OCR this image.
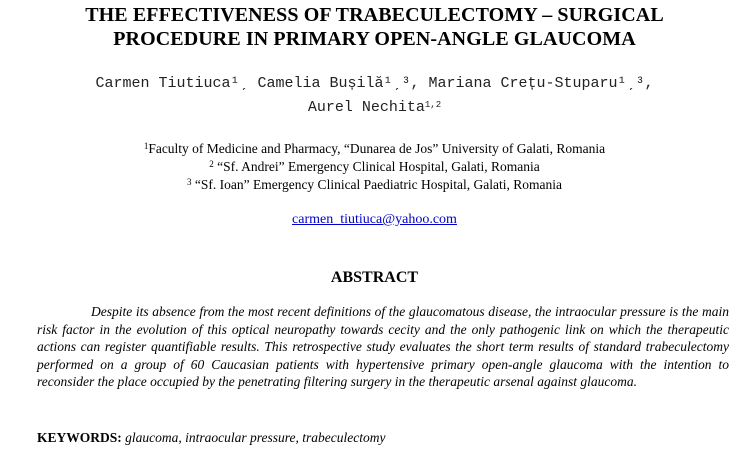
THE EFFECTIVENESS OF TRABECULECTOMY – SURGICAL
PROCEDURE IN PRIMARY OPEN-ANGLE GLAUCOMA
Carmen Tiutiuca¹ˏ Camelia Bușilă¹ˏ³, Mariana Crețu-Stuparu¹ˏ³,
Aurel Nechita$^{1,2}$
$^1$Faculty of Medicine and Pharmacy, “Dunarea de Jos” University of Galati, Romania
$^2$ “Sf. Andrei” Emergency Clinical Hospital, Galati, Romania
$^3$ “Sf. Ioan” Emergency Clinical Paediatric Hospital, Galati, Romania
carmen_tiutiuca@yahoo.com
ABSTRACT
Despite its absence from the most recent definitions of the glaucomatous disease, the intraocular pressure is the main risk factor in the evolution of this optical neuropathy towards cecity and the only pathogenic link on which the therapeutic actions can register quantifiable results. This retrospective study evaluates the short term results of standard trabeculectomy performed on a group of 60 Caucasian patients with hypertensive primary open-angle glaucoma with the intention to reconsider the place occupied by the penetrating filtering surgery in the therapeutic arsenal against glaucoma.
KEYWORDS: glaucoma, intraocular pressure, trabeculectomy
